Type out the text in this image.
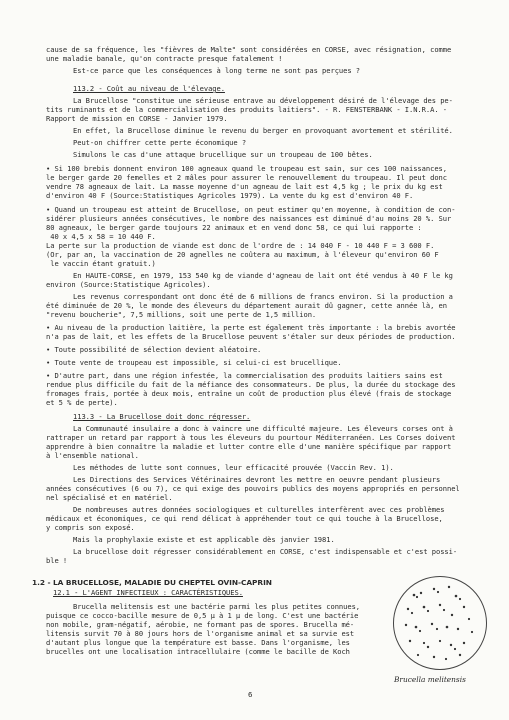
cause de sa fréquence, les "fièvres de Malte" sont considérées en CORSE, avec résignation, comme

une maladie banale, qu'on contracte presque fatalement !

Est-ce parce que les conséquences à long terme ne sont pas perçues ?

113.2 - Coût au niveau de l'élevage.

La Brucellose "constitue une sérieuse entrave au développement désiré de l'élevage des pe-

tits ruminants et de la commercialisation des produits laitiers". - R. FENSTERBANK - I.N.R.A. -

Rapport de mission en CORSE - Janvier 1979.

En effet, la Brucellose diminue le revenu du berger en provoquant avortement et stérilité.

Peut-on chiffrer cette perte économique ?

Simulons le cas d'une attaque brucellique sur un troupeau de 100 bêtes.

• Si 100 brebis donnent environ 100 agneaux quand le troupeau est sain, sur ces 100 naissances,

le berger garde 20 femelles et 2 mâles pour assurer le renouvellement du troupeau. Il peut donc

vendre 78 agneaux de lait. La masse moyenne d'un agneau de lait est 4,5 kg ; le prix du kg est

d'environ 40 F (Source:Statistiques Agricoles 1979). La vente du kg est d'environ 40 F.

• Quand un troupeau est atteint de Brucellose, on peut estimer qu'en moyenne, à condition de con-

sidérer plusieurs années consécutives, le nombre des naissances est diminué d'au moins 20 %. Sur

80 agneaux, le berger garde toujours 22 animaux et en vend donc 58, ce qui lui rapporte :

40 x 4,5 x 58 = 10 440 F.

La perte sur la production de viande est donc de l'ordre de : 14 040 F - 10 440 F = 3 600 F.

(Or, par an, la vaccination de 20 agnelles ne coûtera au maximum, à l'éleveur qu'environ 60 F

le vaccin étant gratuit.)

En HAUTE-CORSE, en 1979, 153 540 kg de viande d'agneau de lait ont été vendus à 40 F le kg

environ (Source:Statistique Agricoles).

Les revenus correspondant ont donc été de 6 millions de francs environ. Si la production a

été diminuée de 20 %, le monde des éleveurs du département aurait dû gagner, cette année là, en

"revenu boucherie", 7,5 millions, soit une perte de 1,5 million.

• Au niveau de la production laitière, la perte est également très importante : la brebis avortée

n'a pas de lait, et les effets de la Brucellose peuvent s'étaler sur deux périodes de production.

• Toute possibilité de sélection devient aléatoire.

• Toute vente de troupeau est impossible, si celui-ci est brucellique.

• D'autre part, dans une région infestée, la commercialisation des produits laitiers sains est

rendue plus difficile du fait de la méfiance des consommateurs. De plus, la durée du stockage des

fromages frais, portée à deux mois, entraîne un coût de production plus élevé (frais de stockage

et 5 % de perte).

113.3 - La Brucellose doit donc régresser.

La Communauté insulaire a donc à vaincre une difficulté majeure. Les éleveurs corses ont à

rattraper un retard par rapport à tous les éleveurs du pourtour Méditerranéen. Les Corses doivent

apprendre à bien connaître la maladie et lutter contre elle d'une manière spécifique par rapport

à l'ensemble national.

Les méthodes de lutte sont connues, leur efficacité prouvée (Vaccin Rev. 1).

Les Directions des Services Vétérinaires devront les mettre en oeuvre pendant plusieurs

années consécutives (6 ou 7), ce qui exige des pouvoirs publics des moyens appropriés en personnel

nel spécialisé et en matériel.

De nombreuses autres données sociologiques et culturelles interfèrent avec ces problèmes

médicaux et économiques, ce qui rend délicat à appréhender tout ce qui touche à la Brucellose,

y compris son exposé.

Mais la prophylaxie existe et est applicable dès janvier 1981.

La brucellose doit régresser considérablement en CORSE, c'est indispensable et c'est possi-

ble !

1.2 - LA BRUCELLOSE, MALADIE DU CHEPTEL OVIN-CAPRIN

12.1 - L'AGENT INFECTIEUX : CARACTÉRISTIQUES.

Brucella melitensis est une bactérie parmi les plus petites connues,

puisque ce cocco-bacille mesure de 0,5 µ à 1 µ de long. C'est une bactérie

non mobile, gram-négatif, aérobie, ne formant pas de spores. Brucella mé-

litensis survit 70 à 80 jours hors de l'organisme animal et sa survie est

d'autant plus longue que la température est basse. Dans l'organisme, les

brucelles ont une localisation intracellulaire (comme le bacille de Koch

Brucella melitensis
6
